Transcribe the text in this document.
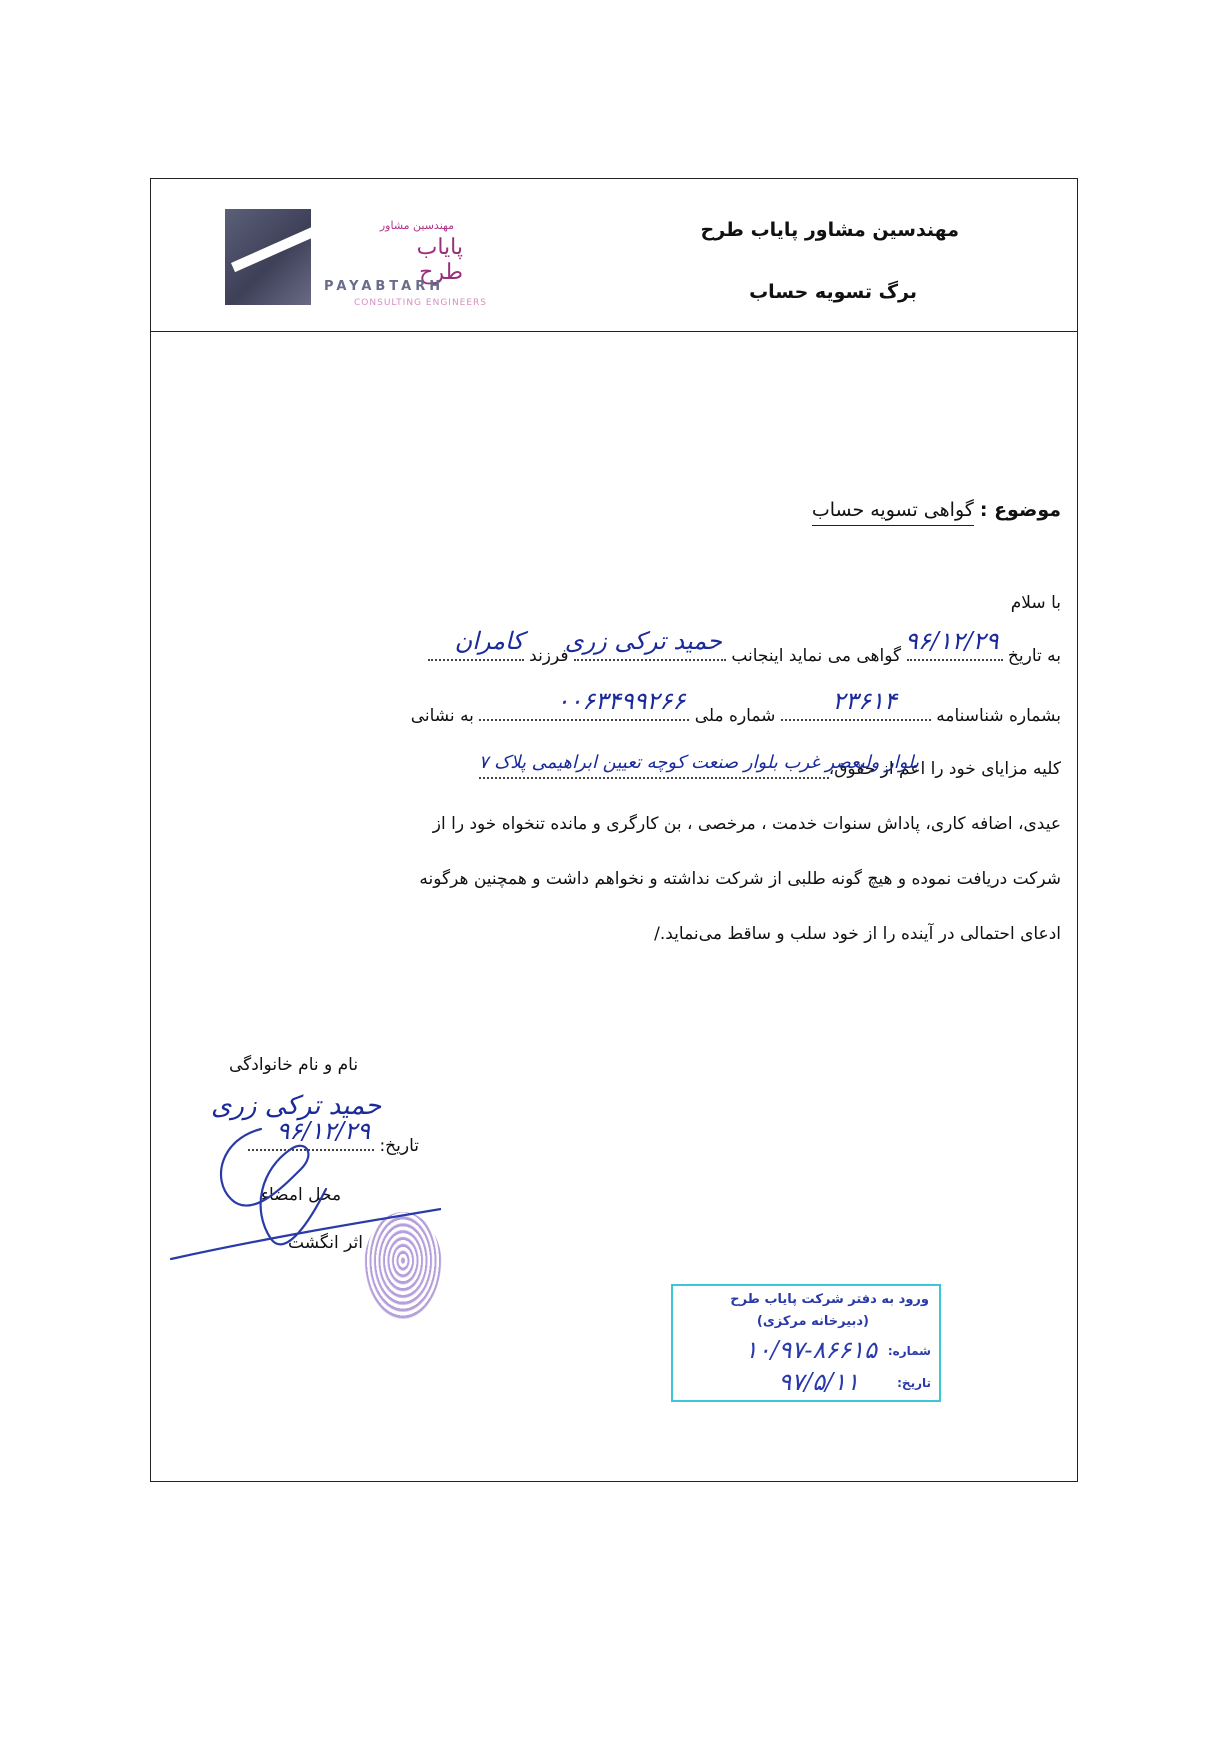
مهندسین مشاور
پایاب طرح
PAYABTARH
CONSULTING ENGINEERS
مهندسین مشاور پایاب طرح
برگ تسویه حساب
موضوع : گواهی تسویه حساب
با سلام
به تاریخ
۹۶/۱۲/۲۹
گواهی می نماید اینجانب
حمید ترکی زری
فرزند
کامران
بشماره شناسنامه
۲۳۶۱۴
شماره ملی
۰۰۶۳۴۹۹۲۶۶
به نشانی
بلوار ولیعصر غرب بلوار صنعت کوچه تعیین ابراهیمی پلاک ۷
کلیه مزایای خود را اعم از حقوق،
عیدی، اضافه کاری، پاداش سنوات خدمت ، مرخصی ، بن کارگری و مانده تنخواه خود را از
شرکت دریافت نموده و هیچ گونه طلبی از شرکت نداشته و نخواهم داشت و همچنین هرگونه
ادعای احتمالی در آینده را از خود سلب و ساقط می‌نماید./
نام و نام خانوادگی
حمید ترکی زری
تاریخ:
۹۶/۱۲/۲۹
محل امضاء
اثر انگشت
ورود به دفتر شرکت پایاب طرح
(دبیرخانه مرکزی)
شماره:
۱۰/۹۷-۸۶۶۱۵
تاریخ:
۹۷/۵/۱۱
